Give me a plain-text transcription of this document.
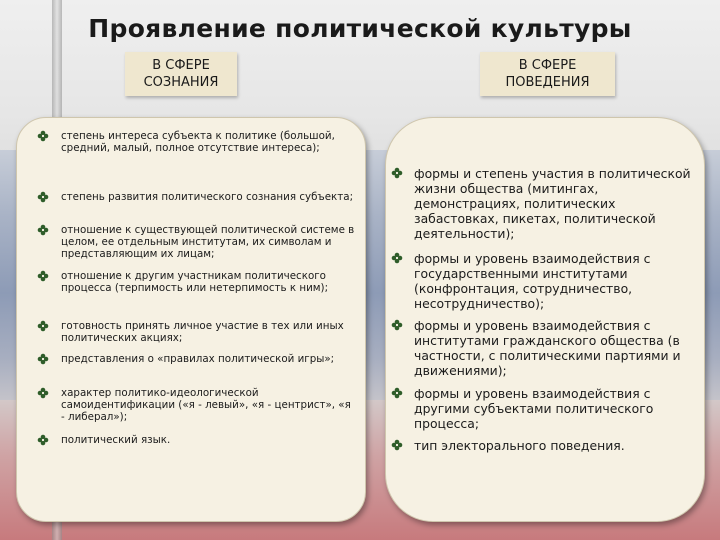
Проявление политической культуры
В СФЕРЕ СОЗНАНИЯ
В СФЕРЕ ПОВЕДЕНИЯ
степень интереса субъекта к политике (большой, средний, малый, полное отсутствие интереса);
степень развития политического сознания субъекта;
отношение к существующей политической системе в целом, ее отдельным институтам, их символам и представляющим их лицам;
отношение к другим участникам политического процесса (терпимость или нетерпимость к ним);
готовность принять личное участие в тех или иных политических акциях;
представления о «правилах политической игры»;
характер политико-идеологической самоидентификации («я - левый», «я - центрист», «я - либерал»);
политический язык.
формы и степень участия в политической жизни общества (митингах, демонстрациях, политических забастовках, пикетах, политической деятельности);
формы и уровень взаимодействия с государственными институтами (конфронтация, сотрудничество, несотрудничество);
формы и уровень взаимодействия с институтами гражданского общества (в частности, с политическими партиями и движениями);
формы и уровень взаимодействия с другими субъектами политического процесса;
тип электорального поведения.
